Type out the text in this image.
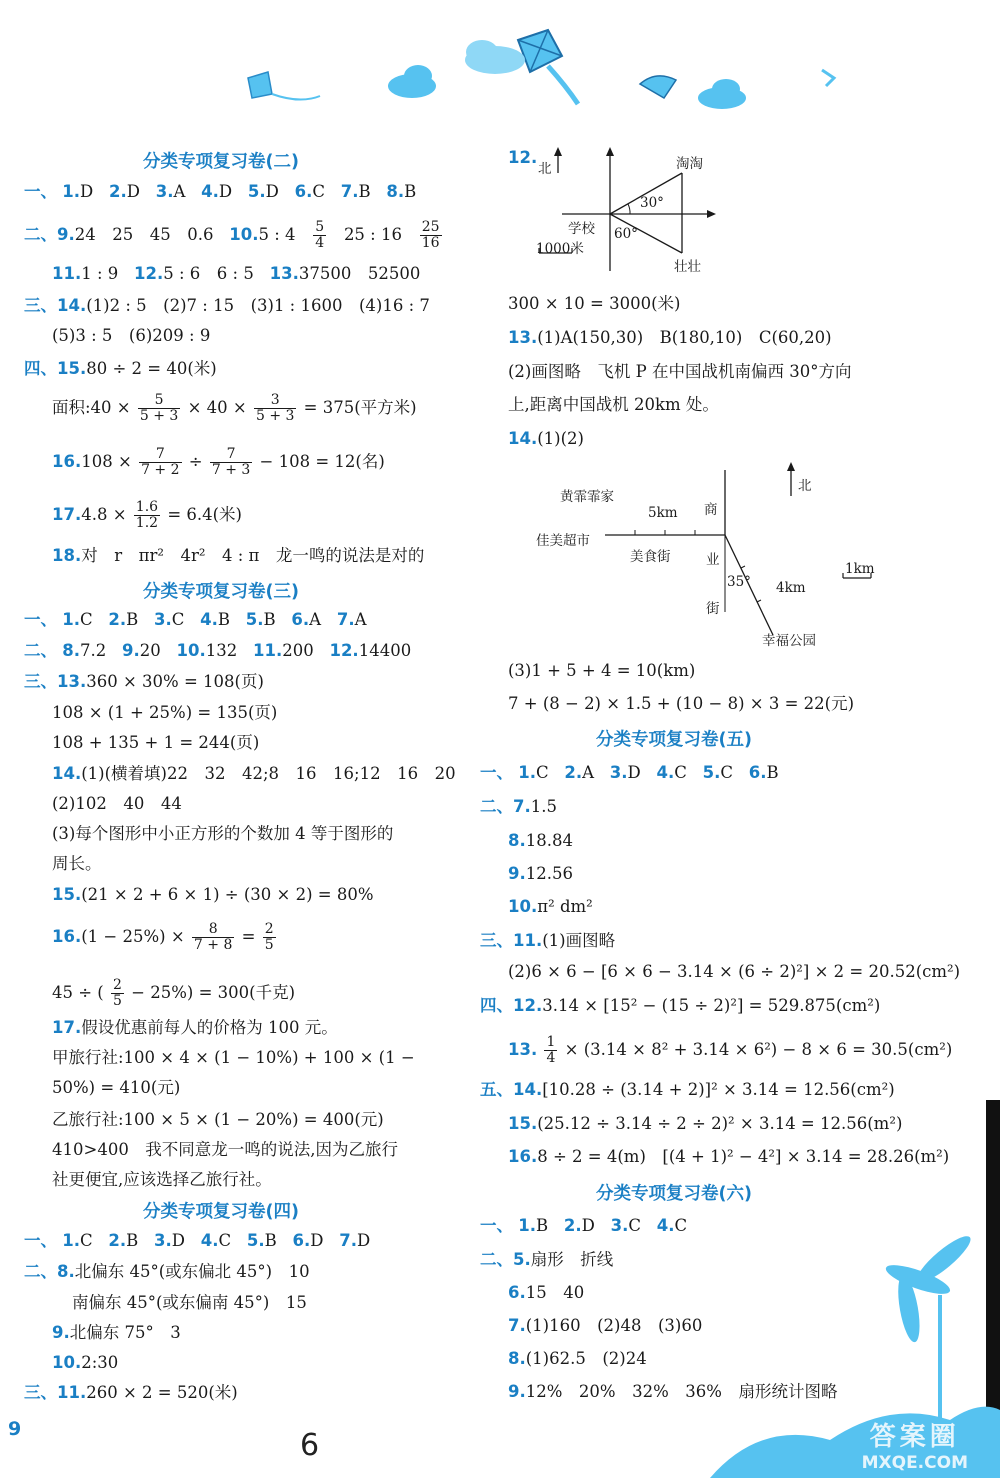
分类专项复习卷(二)
一、 1.D 2.D 3.A 4.D 5.D 6.C 7.B 8.B
二、9.24　25　45　0.6 10.5 : $4 \frac{5}{4} 25$ : $16 \frac{25}{16}$
11.1 : 9 12.5 : 6　6 : 5 13.37500　52500
三、14.(1)2 : 5　(2)7 : 15　(3)1 : 1600　(4)16 : 7
(5)3 : 5　(6)209 : 9
四、15.80 ÷ 2 = 40(米)
面积:40 × $\frac{5}{5 + 3} \times 40 \times \frac{3}{5 + 3} = 375$(平方米)
$16.108 \times \frac{7}{7 + 2} \div \frac{7}{7 + 3} - 108 = 12$(名)
$17.4.8 \times \frac{1.6}{1.2} = 6.4$(米)
18.对　r　πr²　4r²　4 : π　龙一鸣的说法是对的
分类专项复习卷(三)
一、 1.C 2.B 3.C 4.B 5.B 6.A 7.A
二、 8.7.2 9.20 10.132 11.200 12.14400
三、13.360 × 30% = 108(页)
108 × (1 + 25%) = 135(页)
108 + 135 + 1 = 244(页)
14.(1)(横着填)22　32　42;8　16　16;12　16　20
(2)102　40　44
(3)每个图形中小正方形的个数加 4 等于图形的
周长。
15.(21 × 2 + 6 × 1) ÷ (30 × 2) = 80%
$16.(1 - 25\%) \times \frac{8}{7 + 8} = \frac{2}{5}$
45 ÷ ( $\frac{2}{5} - 25\%) = 300$(千克)
17.假设优惠前每人的价格为 100 元。
甲旅行社:100 × 4 × (1 − 10%) + 100 × (1 −
50%) = 410(元)
乙旅行社:100 × 5 × (1 − 20%) = 400(元)
410>400　我不同意龙一鸣的说法,因为乙旅行
社更便宜,应该选择乙旅行社。
分类专项复习卷(四)
一、 1.C 2.B 3.D 4.C 5.B 6.D 7.D
二、8.北偏东 45°(或东偏北 45°)　10
南偏东 45°(或东偏南 45°)　15
9.北偏东 75°　3
10.2:30
三、11.260 × 2 = 520(米)
12.
北	淘淘
30°
学校 60°
1000米
壮壮
300 × 10 = 3000(米)
13.(1)A(150,30)　B(180,10)　C(60,20)
(2)画图略　飞机 P 在中国战机南偏西 30°方向
上,距离中国战机 20km 处。
14.(1)(2)
北
黄霏霏家
商
5km
佳美超市
美食街	业
1km
35° 4km
街
幸福公园
(3)1 + 5 + 4 = 10(km)
7 + (8 − 2) × 1.5 + (10 − 8) × 3 = 22(元)
分类专项复习卷(五)
一、 1.C 2.A 3.D 4.C 5.C 6.B
二、7.1.5
8.18.84
9.12.56
10.π² dm²
三、11.(1)画图略
(2)6 × 6 − [6 × 6 − 3.14 × (6 ÷ 2)²] × 2 = 20.52(cm²)
四、12.3.14 × [15² − (15 ÷ 2)²] = 529.875(cm²)
13. $\frac{1}{4} \times (3.14 \times 8^2 + 3.14 \times 6^2) - 8 \times 6 = 30.5(cm^2)$
五、14.[10.28 ÷ (3.14 + 2)]² × 3.14 = 12.56(cm²)
15.(25.12 ÷ 3.14 ÷ 2 ÷ 2)² × 3.14 = 12.56(m²)
16.8 ÷ 2 = 4(m)　[(4 + 1)² − 4²] × 3.14 = 28.26(m²)
分类专项复习卷(六)
一、 1.B 2.D 3.C 4.C
二、5.扇形　折线
6.15　40
7.(1)160　(2)48　(3)60
8.(1)62.5　(2)24
9.12%　20%　32%　36%　扇形统计图略
9	6	答案圈
MXQE.COM
